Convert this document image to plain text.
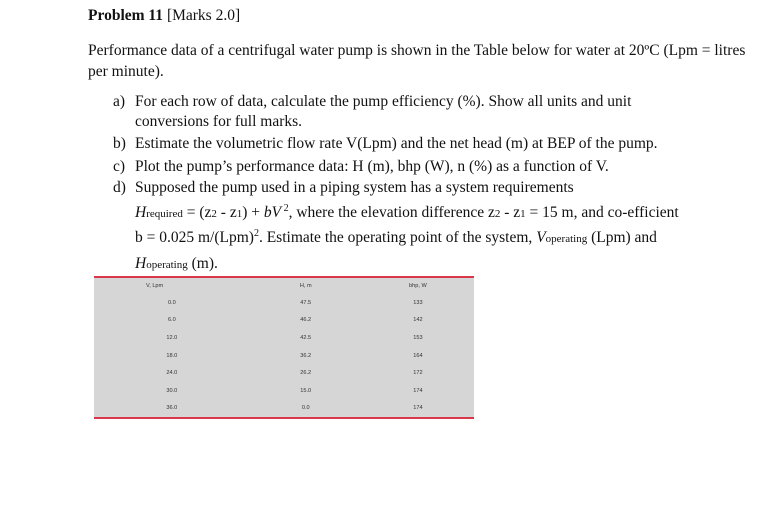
Problem 11 [Marks 2.0]
Performance data of a centrifugal water pump is shown in the Table below for water at 20ºC (Lpm = litres per minute).
a) For each row of data, calculate the pump efficiency (%). Show all units and unit
conversions for full marks.
b) Estimate the volumetric flow rate V(Lpm) and the net head (m) at BEP of the pump.
c) Plot the pump’s performance data: H (m), bhp (W), n (%) as a function of V.
d) Supposed the pump used in a piping system has a system requirements
Hrequired = (z2 - z1) + bV $^2$, where the elevation difference z2 - z1 = 15 m, and co-efficient
b = 0.025 m/(Lpm)$^2$. Estimate the operating point of the system, Voperating (Lpm) and
Hoperating (m).
V, Lpm	H, m	bhp, W
0.0	47.5	133
6.0	46.2	142
12.0	42.5	153
18.0	36.2	164
24.0	26.2	172
30.0	15.0	174
36.0	0.0	174
